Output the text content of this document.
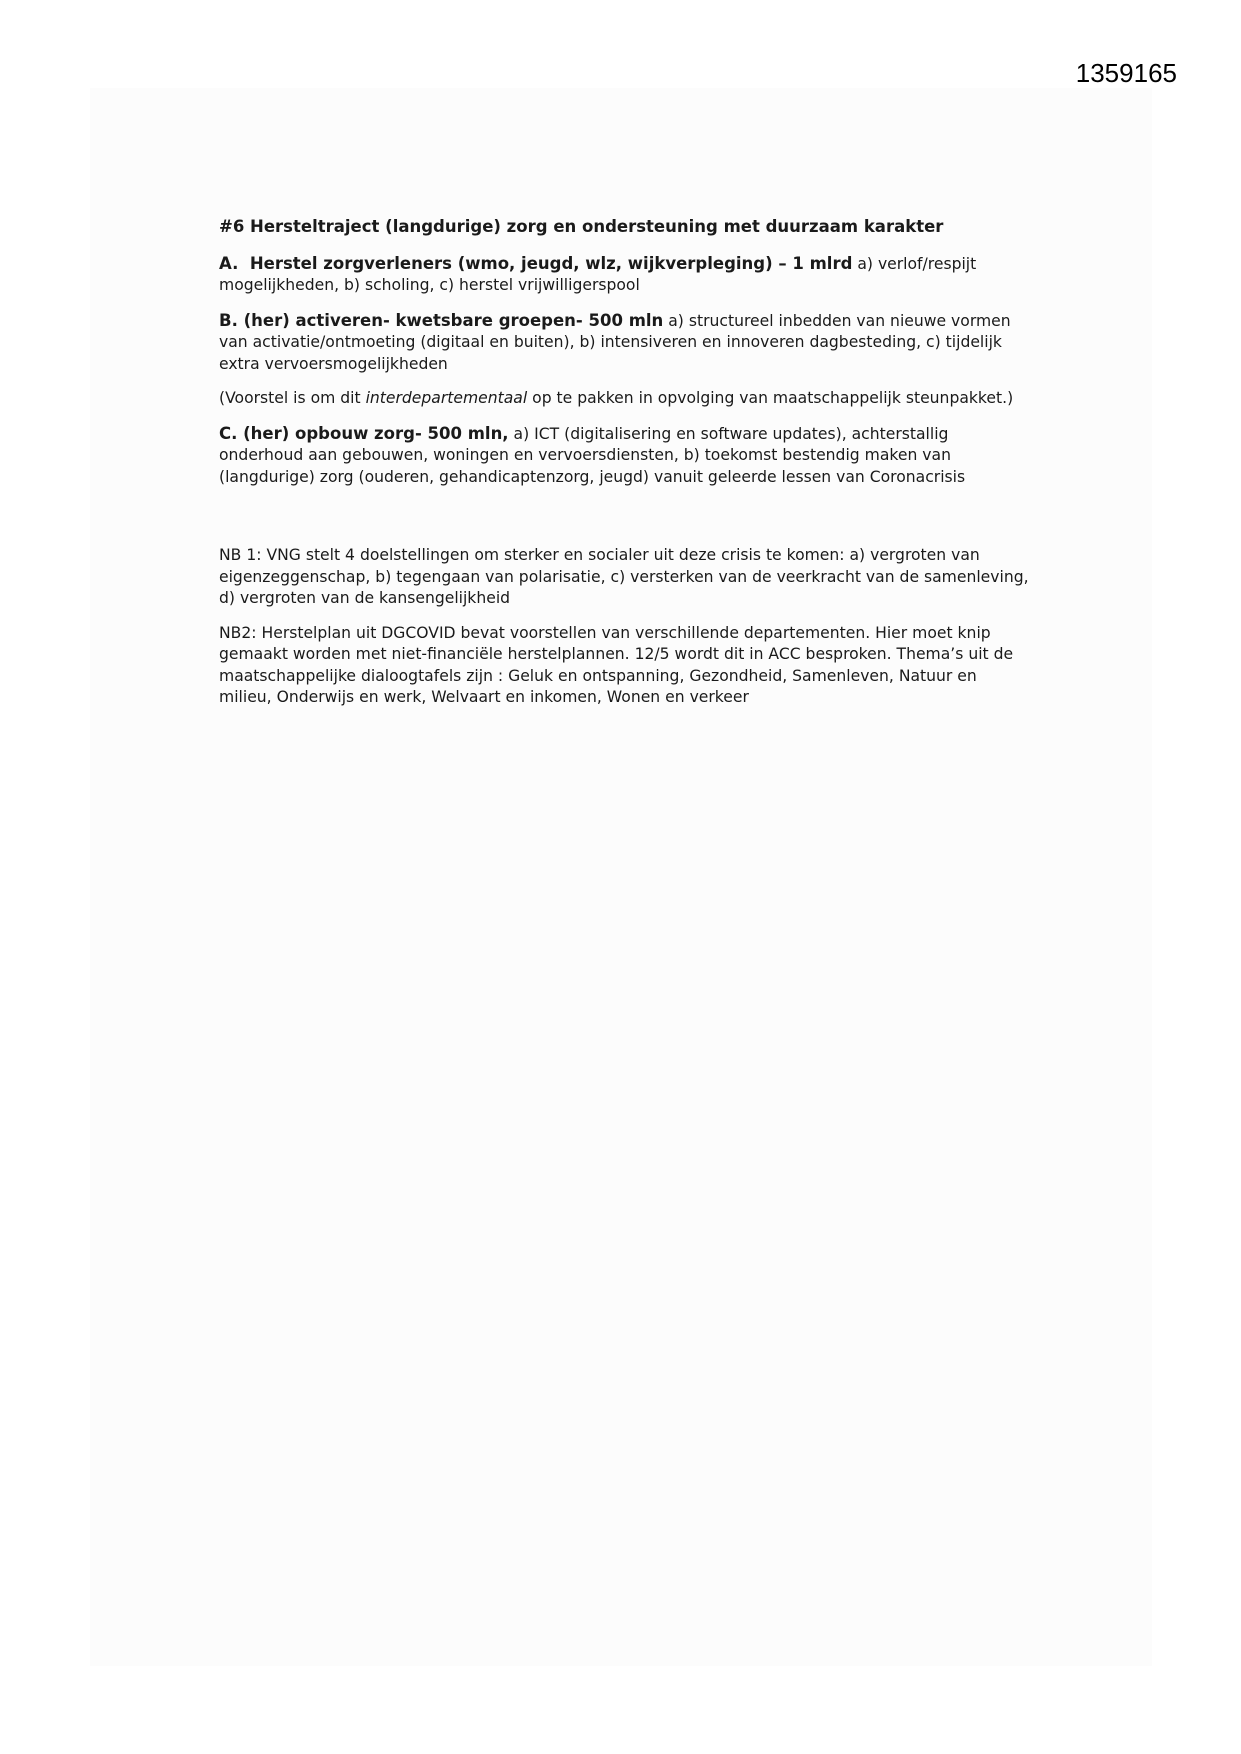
1359165

#6 Hersteltraject (langdurige) zorg en ondersteuning met duurzaam karakter

A.  Herstel zorgverleners (wmo, jeugd, wlz, wijkverpleging) – 1 mlrd a) verlof/respijt mogelijkheden, b) scholing, c) herstel vrijwilligerspool

B. (her) activeren- kwetsbare groepen- 500 mln a) structureel inbedden van nieuwe vormen van activatie/ontmoeting (digitaal en buiten), b) intensiveren en innoveren dagbesteding, c) tijdelijk extra vervoersmogelijkheden

(Voorstel is om dit interdepartementaal op te pakken in opvolging van maatschappelijk steunpakket.)

C. (her) opbouw zorg- 500 mln, a) ICT (digitalisering en software updates), achterstallig onderhoud aan gebouwen, woningen en vervoersdiensten, b) toekomst bestendig maken van (langdurige) zorg (ouderen, gehandicaptenzorg, jeugd) vanuit geleerde lessen van Coronacrisis

NB 1: VNG stelt 4 doelstellingen om sterker en socialer uit deze crisis te komen: a) vergroten van eigenzeggenschap, b) tegengaan van polarisatie, c) versterken van de veerkracht van de samenleving, d) vergroten van de kansengelijkheid

NB2: Herstelplan uit DGCOVID bevat voorstellen van verschillende departementen. Hier moet knip gemaakt worden met niet-financiële herstelplannen. 12/5 wordt dit in ACC besproken. Thema’s uit de maatschappelijke dialoogtafels zijn : Geluk en ontspanning, Gezondheid, Samenleven, Natuur en milieu, Onderwijs en werk, Welvaart en inkomen, Wonen en verkeer
